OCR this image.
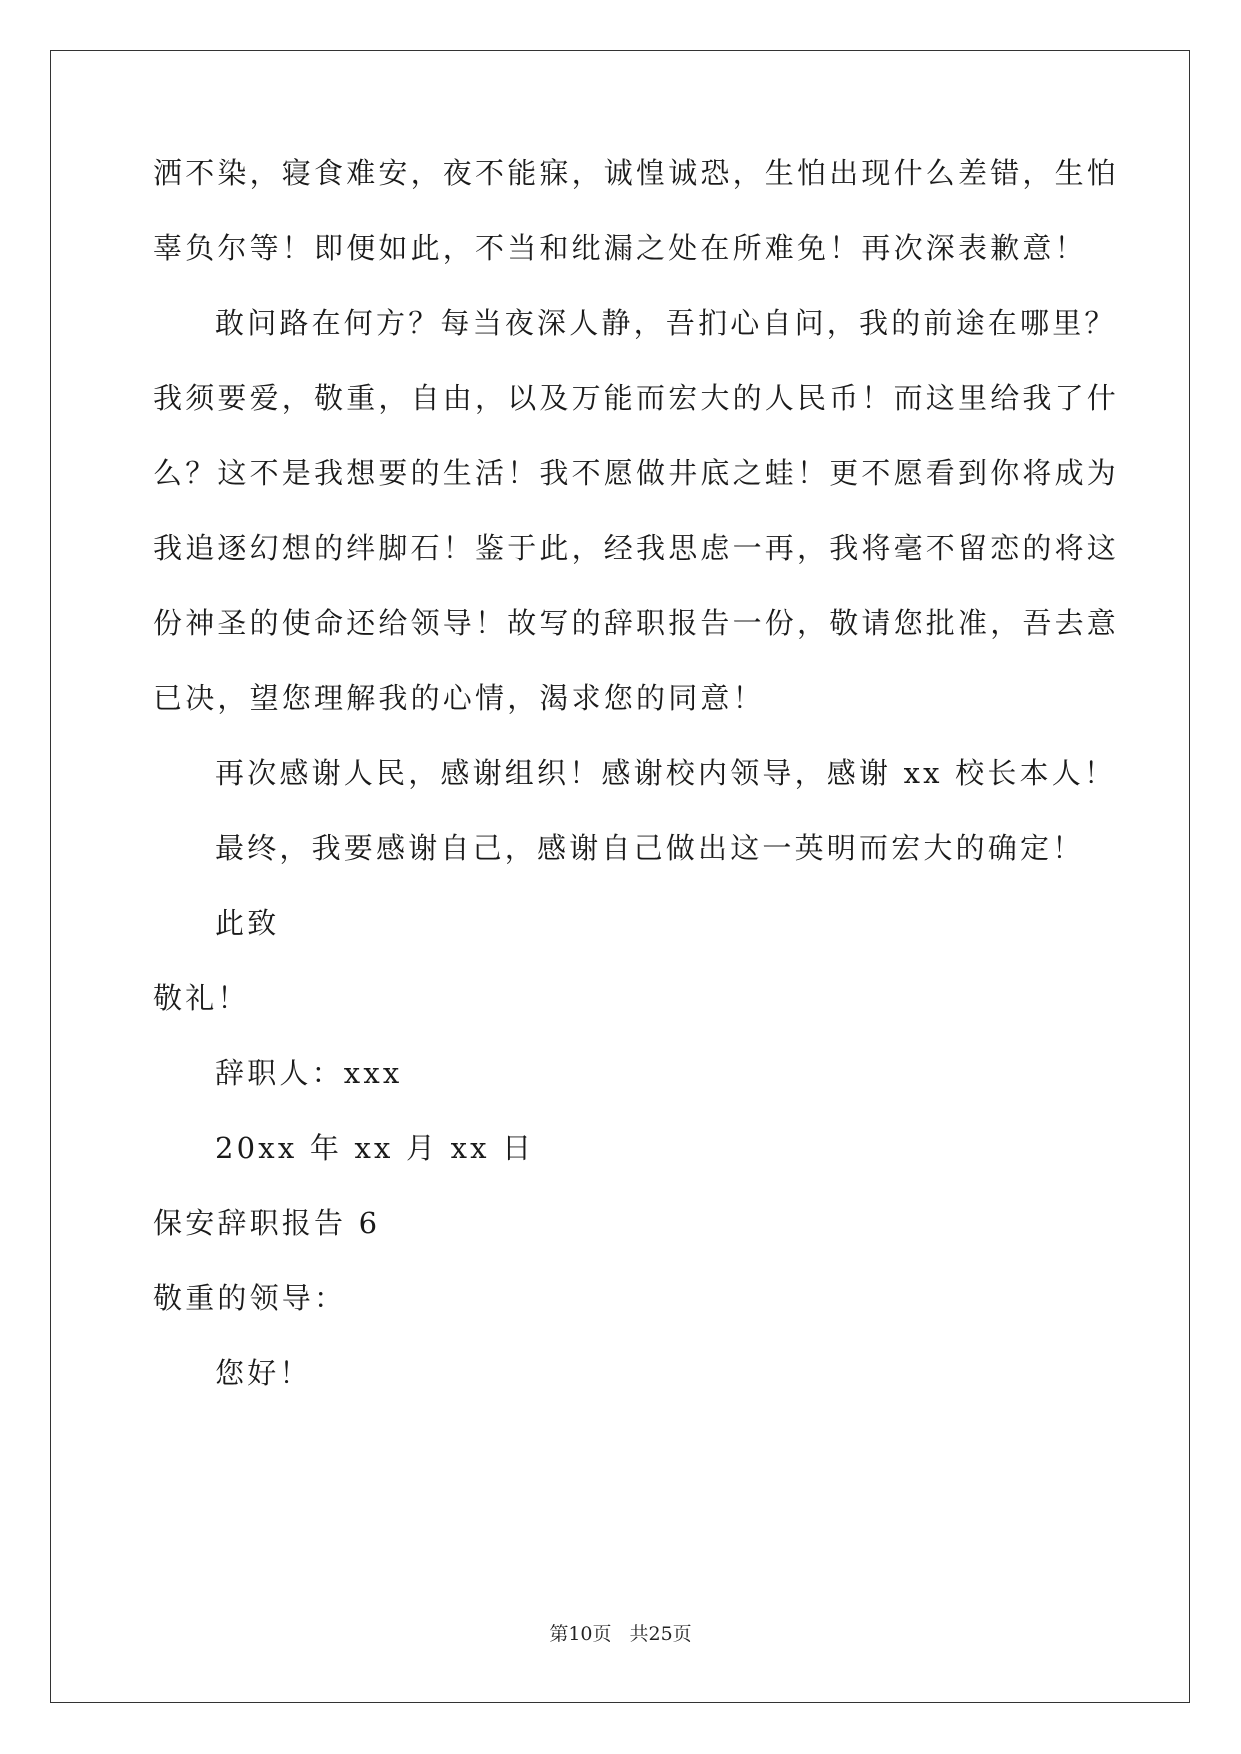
洒不染，寝食难安，夜不能寐，诚惶诚恐，生怕出现什么差错，生怕
辜负尔等！即便如此，不当和纰漏之处在所难免！再次深表歉意！
敢问路在何方？每当夜深人静，吾扪心自问，我的前途在哪里？
我须要爱，敬重，自由，以及万能而宏大的人民币！而这里给我了什
么？这不是我想要的生活！我不愿做井底之蛙！更不愿看到你将成为
我追逐幻想的绊脚石！鉴于此，经我思虑一再，我将毫不留恋的将这
份神圣的使命还给领导！故写的辞职报告一份，敬请您批准，吾去意
已决，望您理解我的心情，渴求您的同意！
再次感谢人民，感谢组织！感谢校内领导，感谢 xx 校长本人！
最终，我要感谢自己，感谢自己做出这一英明而宏大的确定！
此致
敬礼！
辞职人：xxx
20xx 年 xx 月 xx 日
保安辞职报告 6
敬重的领导：
您好！
第10页 共25页
